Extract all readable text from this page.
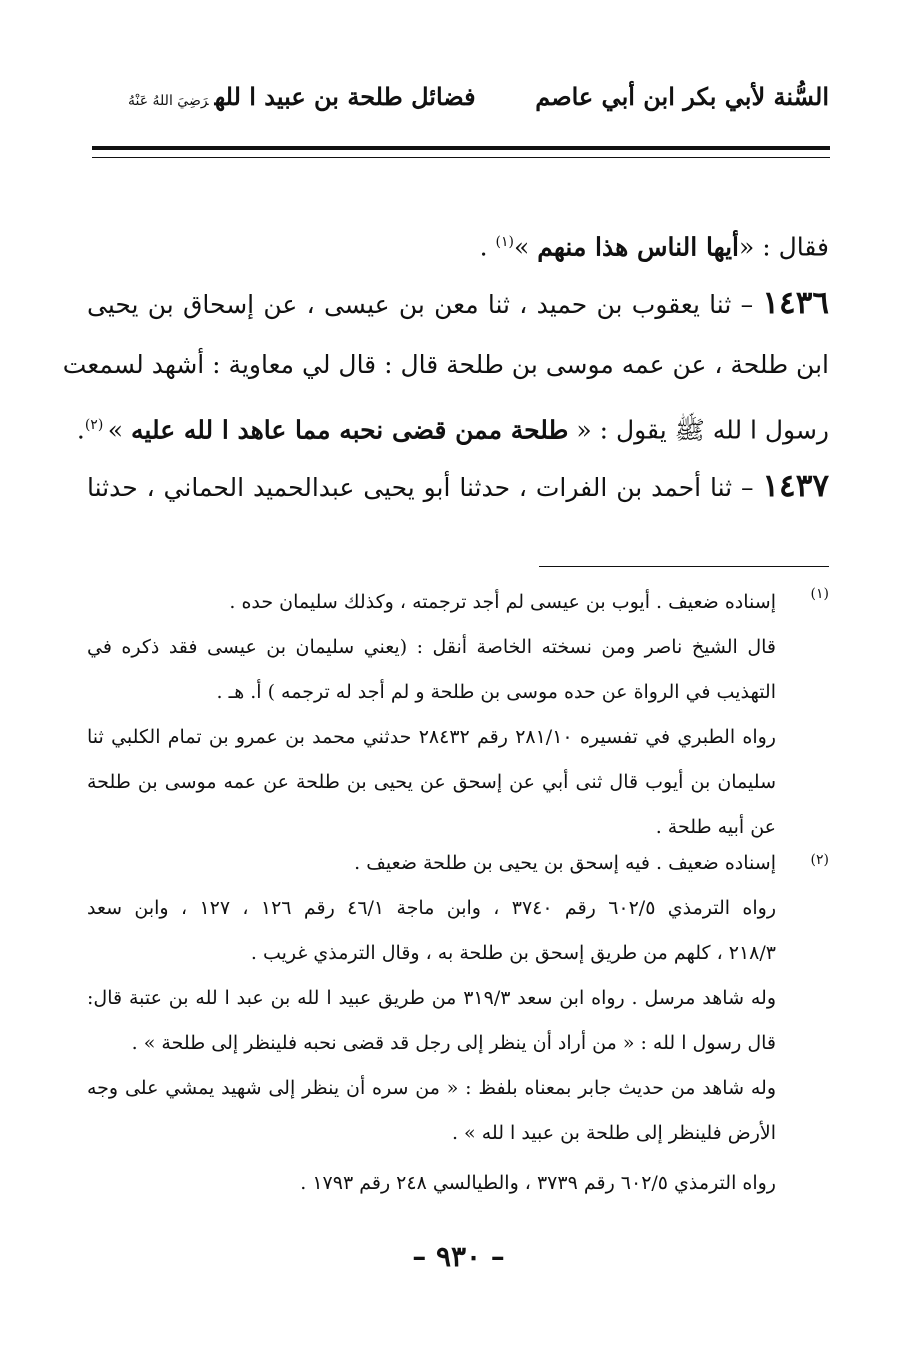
السُّنة لأبي بكر ابن أبي عاصم
فضائل طلحة بن عبيد ا للهرَضِيَ اللهُ عَنْهُ
فقال : «أيها الناس هذا منهم »$^{(١)}$ .
١٤٣٦ – ثنا يعقوب بن حميد ، ثنا معن بن عيسى ، عن إسحاق بن يحيى
ابن طلحة ، عن عمه موسى بن طلحة قال : قال لي معاوية : أشهد لسمعت
رسول ا لله ﷺ يقول : « طلحة ممن قضى نحبه مما عاهد ا لله عليه » $^{(٢)}$.
١٤٣٧ – ثنا أحمد بن الفرات ، حدثنا أبو يحيى عبدالحميد الحماني ، حدثنا
(١)
إسناده ضعيف . أيوب بن عيسى لم أجد ترجمته ، وكذلك سليمان حده .
قال الشيخ ناصر ومن نسخته الخاصة أنقل : (يعني سليمان بن عيسى فقد ذكره في
التهذيب في الرواة عن حده موسى بن طلحة و لم أجد له ترجمه ) أ. هـ .
رواه الطبري في تفسيره ٢٨١/١٠ رقم ٢٨٤٣٢ حدثني محمد بن عمرو بن تمام الكلبي ثنا
سليمان بن أيوب قال ثنى أبي عن إسحق عن يحيى بن طلحة عن عمه موسى بن طلحة
عن أبيه طلحة .
(٢)
إسناده ضعيف . فيه إسحق بن يحيى بن طلحة ضعيف .
رواه الترمذي ٦٠٢/٥ رقم ٣٧٤٠ ، وابن ماجة ٤٦/١ رقم ١٢٦ ، ١٢٧ ، وابن سعد
٢١٨/٣ ، كلهم من طريق إسحق بن طلحة به ، وقال الترمذي غريب .
وله شاهد مرسل . رواه ابن سعد ٣١٩/٣ من طريق عبيد ا لله بن عبد ا لله بن عتبة قال:
قال رسول ا لله : « من أراد أن ينظر إلى رجل قد قضى نحبه فلينظر إلى طلحة » .
وله شاهد من حديث جابر بمعناه بلفظ : « من سره أن ينظر إلى شهيد يمشي على وجه
الأرض فلينظر إلى طلحة بن عبيد ا لله » .
رواه الترمذي ٦٠٢/٥ رقم ٣٧٣٩ ، والطيالسي ٢٤٨ رقم ١٧٩٣ .
– ٩٣٠ –
